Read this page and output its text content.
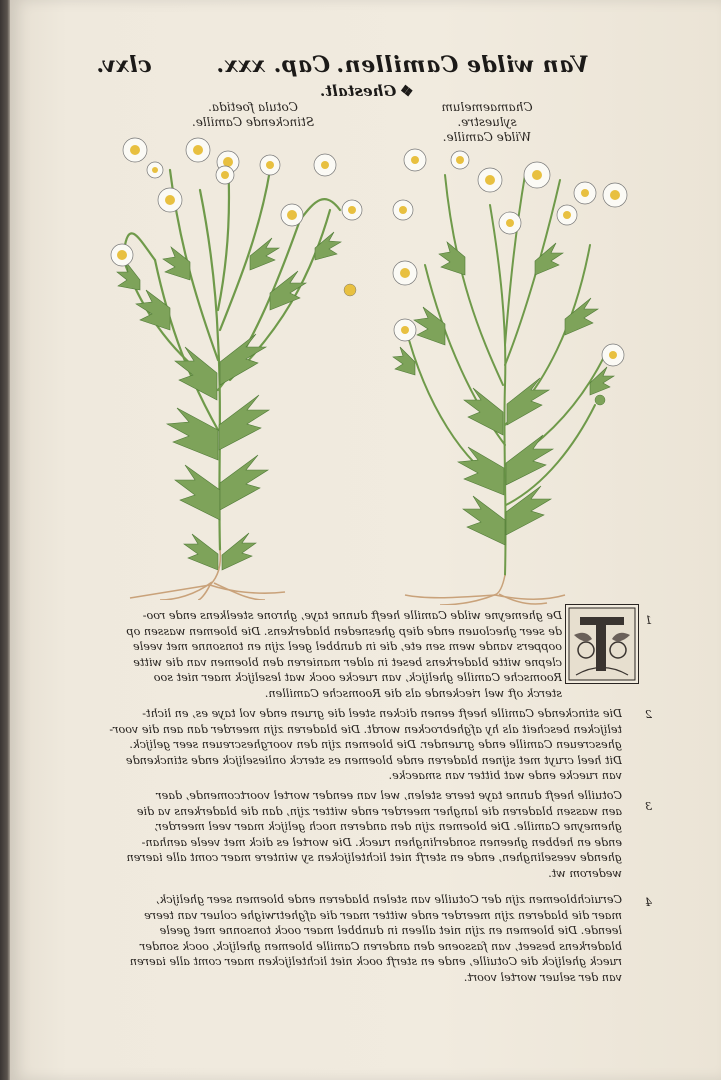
clxv.	Cap. xxx. Van wilde Camillen.
❖ Ghestalt.
Cotula foetida.
Stinckende Camille.
Chamaemelum syluestre.
Wilde Camille.
1
2
3
4
De ghemeyne wilde Camille heeft dunne taye, ghrone steelkens ende roo-
de seer gheclouen ende diep ghesneden bladerkens. Die bloemen wassen op
ooppers vande wem sen ete, die in dunbbel geel zijn en tonsonne met veele
clepne witte bladerkens beset in alder manieren den bloemen van die witte
Roomsche Camille ghelijck, van ruecke oock wat leselijck maer niet soo
sterck oft wel rieckende als die Roomsche Camillen.
Die stinckende Camille heeft eenen dicken steel die gruen ende vol taye es, en licht-
telijcken bescheit als hy afghebrocken wordt. Die bladeren zijn meerder dan aen die voor-
ghescreuen Camille ende gruender. Die bloemen zijn den voorghescreuen seer gelijck.
Dit heel cruyt met sijnen bladeren ende bloemen es sterck onlieselijck ende stinckende
van ruecke ende wat bitter van smaecke.
Cotuille heeft dunne taye teere stelen, wel van eender wortel voortcomende, daer
aen wassen bladeren die langher meerder ende witter zijn, dan die bladerkens va die
ghemeyne Camille. Die bloemen zijn den anderen noch gelijck maer veel meerder,
ende en hebben gheenen sonderlinghen rueck. Die wortel es dick met veele aenhan-
ghende veeselinghen, ende en sterft niet lichtelijcken sy wintere maer comt alle iaeren
wederom wt.
Ceruichbloemen zijn der Cotuille van stelen bladeren ende bloemen seer ghelijck,
maer die bladeren zijn meerder ende witter maer die afghetrwighe coluer van teere
leende. Die bloemen en zijn niet alleen in dunbbel maer oock tonsonne met geele
bladerkens beseet, van fassoene den anderen Camille bloemen ghelijck, oock sonder
rueck ghelijck die Cotuille, ende en sterft oock niet lichtelijcken maer comt alle iaeren
van der seluer wortel voort.
